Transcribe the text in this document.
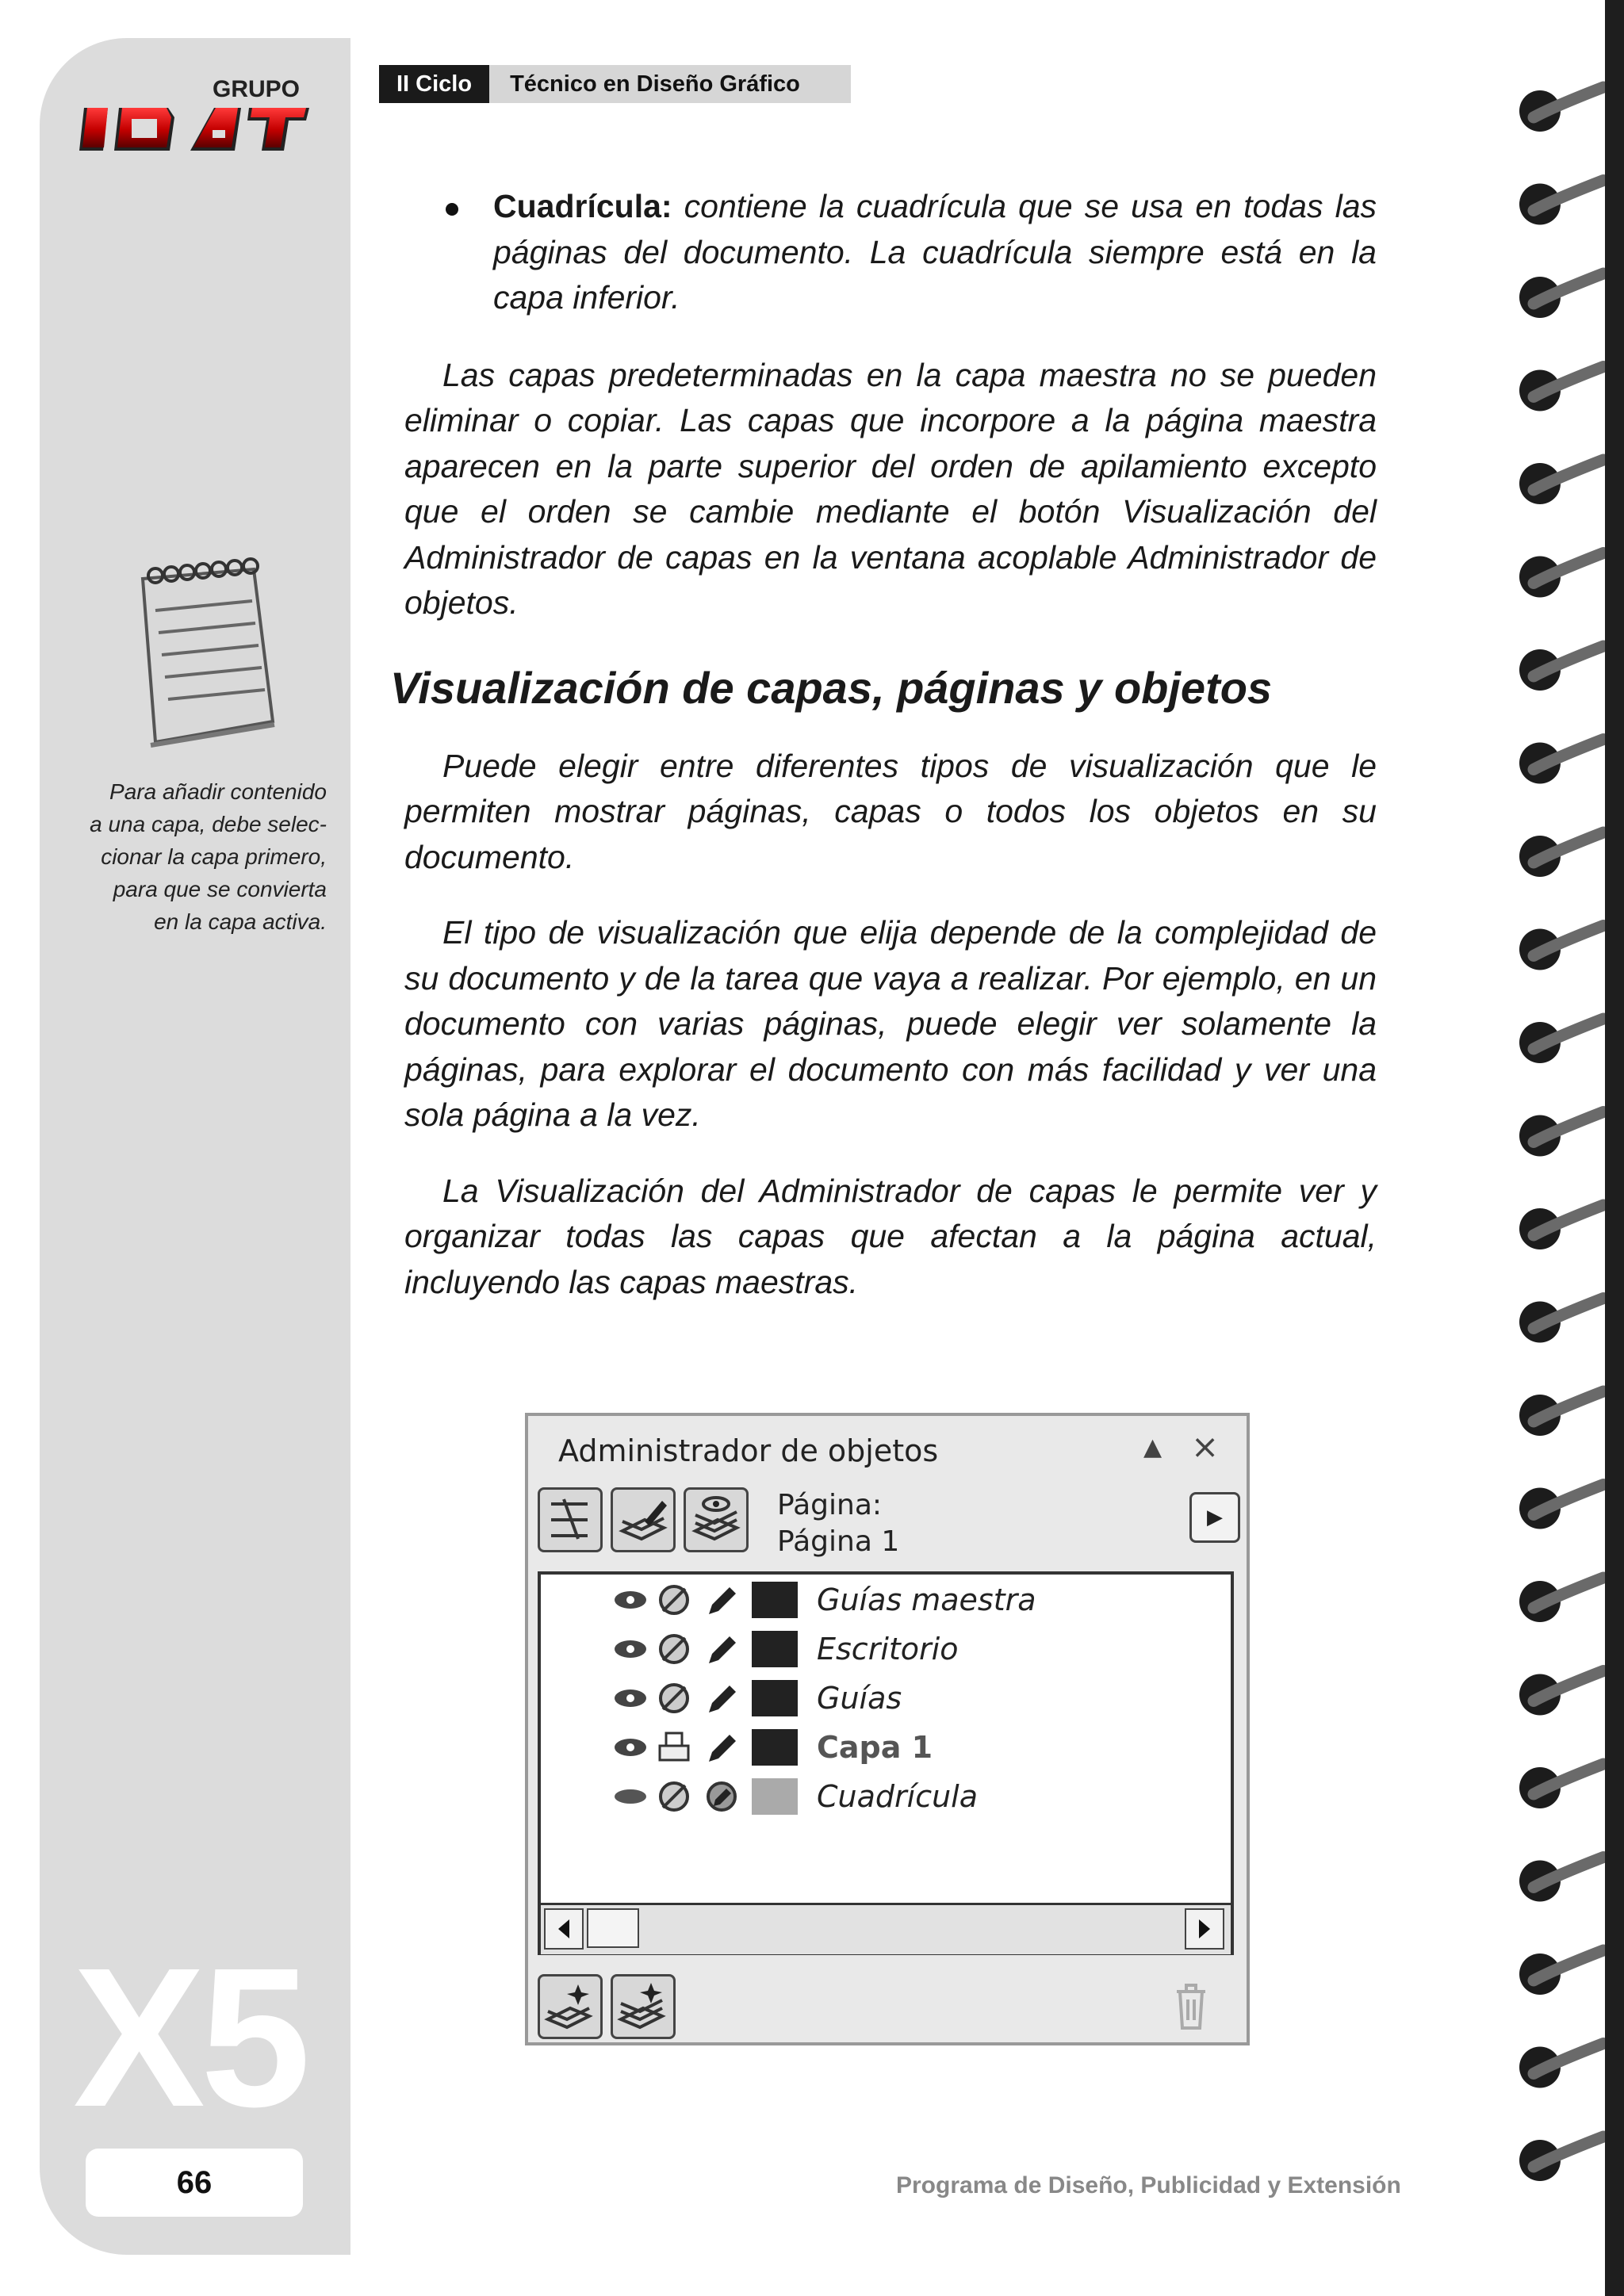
GRUPO
Para añadir contenido
a una capa, debe selec-
cionar la capa primero,
para que se convierta
en la capa activa.
X5
66
II Ciclo	Técnico en Diseño Gráfico
Cuadrícula: contiene la cuadrícula que se usa en todas las páginas del documento. La cuadrícula siempre está en la capa inferior.

Las capas predeterminadas en la capa maestra no se pueden eliminar o copiar. Las capas que incorpore a la página maestra aparecen en la parte superior del orden de apilamiento excepto que el orden se cambie mediante el botón Visualización del Administrador de capas en la ventana acoplable Administrador de objetos.

Visualización de capas, páginas y objetos

Puede elegir entre diferentes tipos de visualización que le permiten mostrar páginas, capas o todos los objetos en su documento.

El tipo de visualización que elija depende de la complejidad de su documento y de la tarea que vaya a realizar. Por ejemplo, en un documento con varias páginas, puede elegir ver solamente la páginas, para explorar el documento con más facilidad y ver una sola página a la vez.

La Visualización del Administrador de capas le permite ver y organizar todas las capas que afectan a la página actual, incluyendo las capas maestras.

Administrador de objetos	▲ ×
Página:
Página 1
▶
Guías maestra
Escritorio
Guías
Capa 1
Cuadrícula
Programa de Diseño, Publicidad y Extensión
